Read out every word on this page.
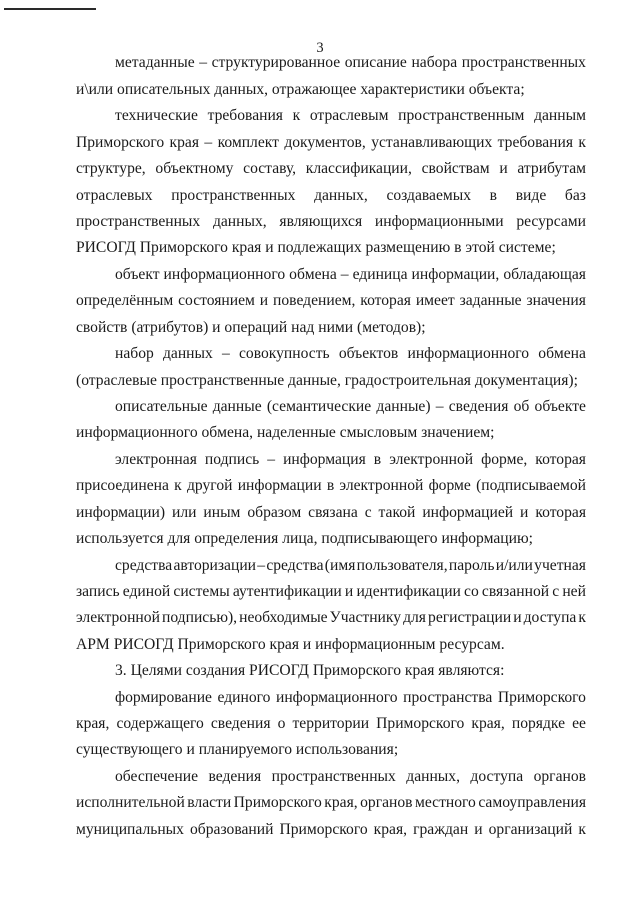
3
метаданные – структурированное описание набора пространственных
и\или описательных данных, отражающее характеристики объекта;
технические требования к отраслевым пространственным данным
Приморского края – комплект документов, устанавливающих требования к
структуре, объектному составу, классификации, свойствам и атрибутам
отраслевых пространственных данных, создаваемых в виде баз
пространственных данных, являющихся информационными ресурсами
РИСОГД Приморского края и подлежащих размещению в этой системе;
объект информационного обмена – единица информации, обладающая
определённым состоянием и поведением, которая имеет заданные значения
свойств (атрибутов) и операций над ними (методов);
набор данных – совокупность объектов информационного обмена
(отраслевые пространственные данные, градостроительная документация);
описательные данные (семантические данные) – сведения об объекте
информационного обмена, наделенные смысловым значением;
электронная подпись – информация в электронной форме, которая
присоединена к другой информации в электронной форме (подписываемой
информации) или иным образом связана с такой информацией и которая
используется для определения лица, подписывающего информацию;
средства авторизации – средства (имя пользователя, пароль и/или учетная
запись единой системы аутентификации и идентификации со связанной с ней
электронной подписью), необходимые Участнику для регистрации и доступа к
АРМ РИСОГД Приморского края и информационным ресурсам.
3. Целями создания РИСОГД Приморского края являются:
формирование единого информационного пространства Приморского
края, содержащего сведения о территории Приморского края, порядке ее
существующего и планируемого использования;
обеспечение ведения пространственных данных, доступа органов
исполнительной власти Приморского края, органов местного самоуправления
муниципальных образований Приморского края, граждан и организаций к
